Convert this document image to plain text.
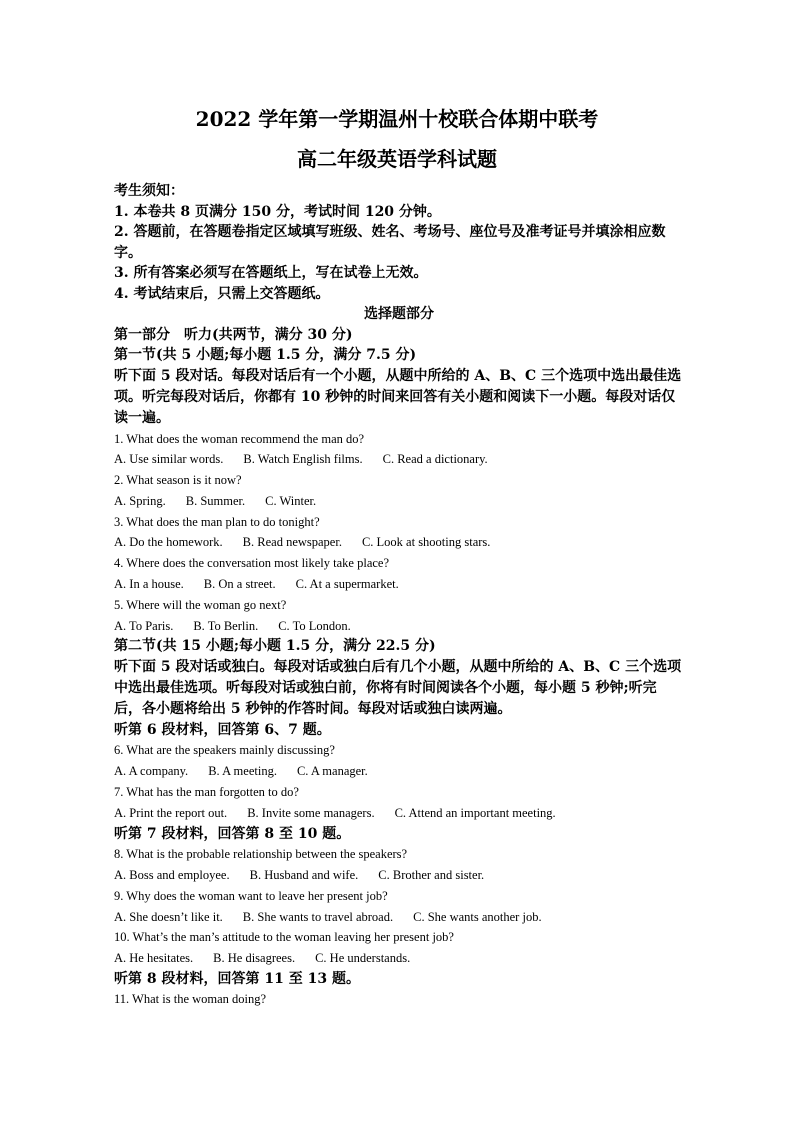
2022 学年第一学期温州十校联合体期中联考
高二年级英语学科试题

考生须知：

1. 本卷共 8 页满分 150 分，考试时间 120 分钟。

2. 答题前，在答题卷指定区域填写班级、姓名、考场号、座位号及准考证号并填涂相应数字。

3. 所有答案必须写在答题纸上，写在试卷上无效。

4. 考试结束后，只需上交答题纸。

选择题部分

第一部分　听力(共两节，满分 30 分)

第一节(共 5 小题;每小题 1.5 分，满分 7.5 分)

听下面 5 段对话。每段对话后有一个小题，从题中所给的 A、B、C 三个选项中选出最佳选项。听完每段对话后，你都有 10 秒钟的时间来回答有关小题和阅读下一小题。每段对话仅读一遍。

1. What does the woman recommend the man do?

A. Use similar words. B. Watch English films. C. Read a dictionary.

2. What season is it now?

A. Spring. B. Summer. C. Winter.

3. What does the man plan to do tonight?

A. Do the homework. B. Read newspaper. C. Look at shooting stars.

4. Where does the conversation most likely take place?

A. In a house. B. On a street. C. At a supermarket.

5. Where will the woman go next?

A. To Paris. B. To Berlin. C. To London.

第二节(共 15 小题;每小题 1.5 分，满分 22.5 分)

听下面 5 段对话或独白。每段对话或独白后有几个小题，从题中所给的 A、B、C 三个选项中选出最佳选项。听每段对话或独白前，你将有时间阅读各个小题，每小题 5 秒钟;听完后，各小题将给出 5 秒钟的作答时间。每段对话或独白读两遍。

听第 6 段材料，回答第 6、7 题。

6. What are the speakers mainly discussing?

A. A company. B. A meeting. C. A manager.

7. What has the man forgotten to do?

A. Print the report out. B. Invite some managers. C. Attend an important meeting.

听第 7 段材料，回答第 8 至 10 题。

8. What is the probable relationship between the speakers?

A. Boss and employee. B. Husband and wife. C. Brother and sister.

9. Why does the woman want to leave her present job?

A. She doesn’t like it. B. She wants to travel abroad. C. She wants another job.

10. What’s the man’s attitude to the woman leaving her present job?

A. He hesitates. B. He disagrees. C. He understands.

听第 8 段材料，回答第 11 至 13 题。

11. What is the woman doing?
